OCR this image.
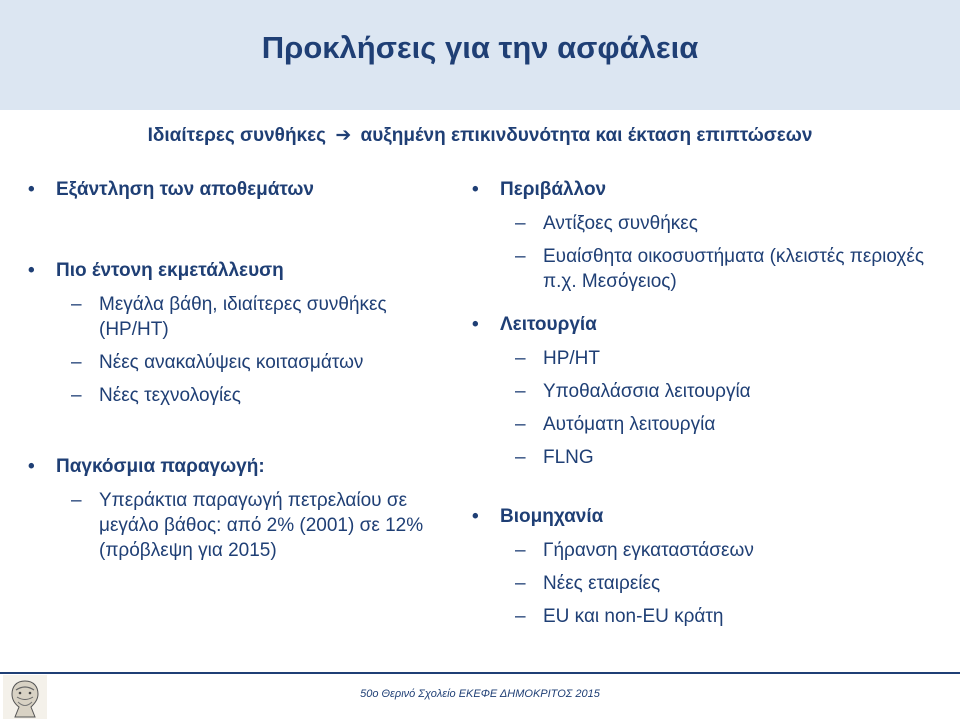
Προκλήσεις για την ασφάλεια
Ιδιαίτερες συνθήκες ➔ αυξημένη επικινδυνότητα και έκταση επιπτώσεων
• Εξάντληση των αποθεμάτων
• Πιο έντονη εκμετάλλευση
– Μεγάλα βάθη, ιδιαίτερες συνθήκες (HP/HT)
– Νέες ανακαλύψεις κοιτασμάτων
– Νέες τεχνολογίες
• Παγκόσμια παραγωγή:
– Υπεράκτια παραγωγή πετρελαίου σε μεγάλο βάθος: από 2% (2001) σε 12% (πρόβλεψη για 2015)
• Περιβάλλον
– Αντίξοες συνθήκες
– Ευαίσθητα οικοσυστήματα (κλειστές περιοχές π.χ. Μεσόγειος)
• Λειτουργία
– HP/HT
– Υποθαλάσσια λειτουργία
– Αυτόματη λειτουργία
– FLNG
• Βιομηχανία
– Γήρανση εγκαταστάσεων
– Νέες εταιρείες
– EU και non-EU κράτη
50ο Θερινό Σχολείο ΕΚΕΦΕ ΔΗΜΟΚΡΙΤΟΣ 2015
